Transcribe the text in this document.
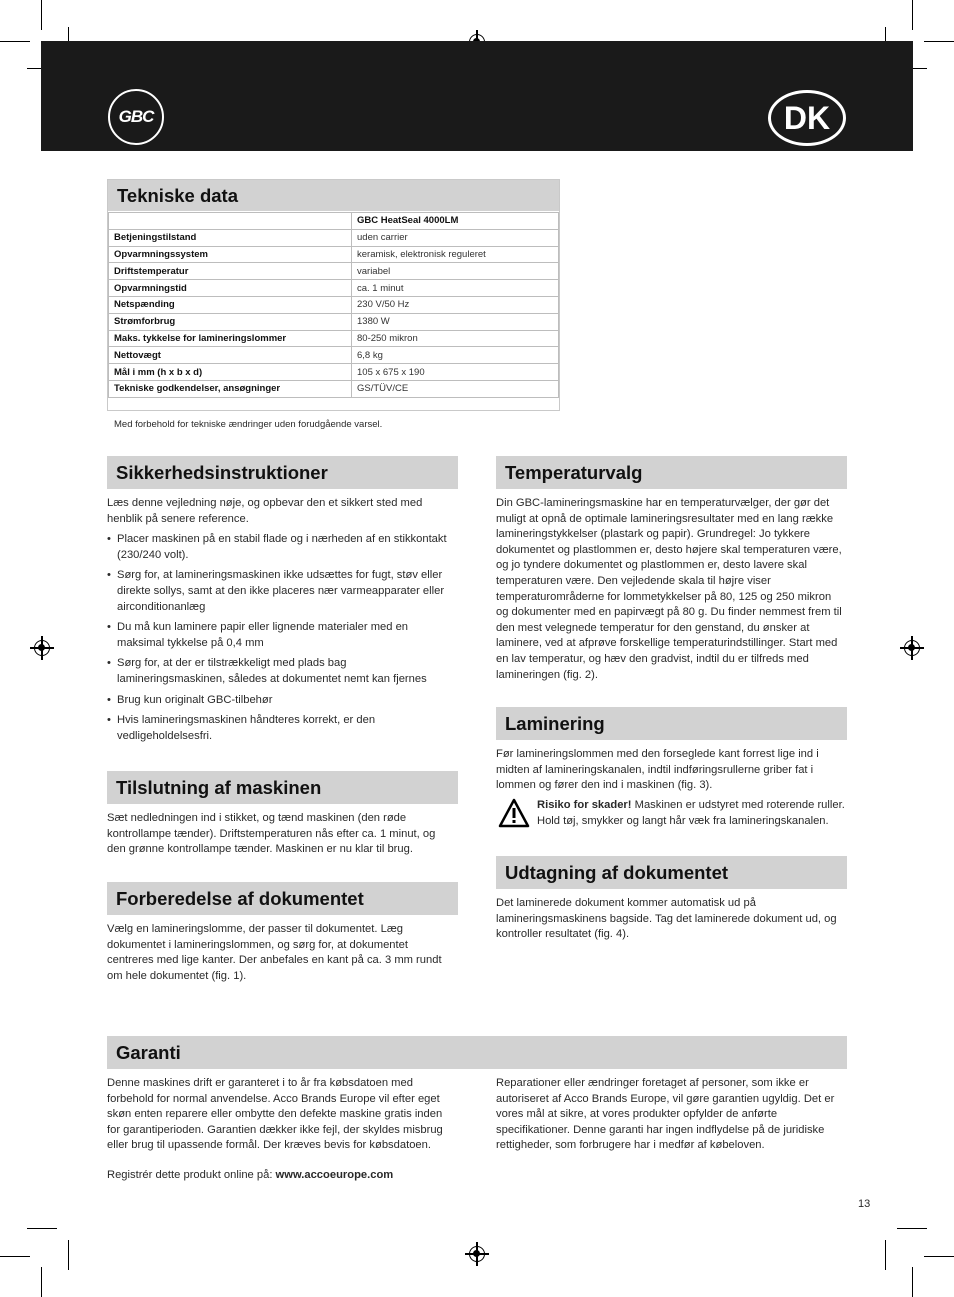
GBC	DK
Tekniske data
	GBC HeatSeal 4000LM
Betjeningstilstand	uden carrier
Opvarmningssystem	keramisk, elektronisk reguleret
Driftstemperatur	variabel
Opvarmningstid	ca. 1 minut
Netspænding	230 V/50 Hz
Strømforbrug	1380 W
Maks. tykkelse for lamineringslommer	80-250 mikron
Nettovægt	6,8 kg
Mål i mm (h x b x d)	105 x 675 x 190
Tekniske godkendelser, ansøgninger	GS/TÜV/CE
Med forbehold for tekniske ændringer uden forudgående varsel.
Sikkerhedsinstruktioner

Læs denne vejledning nøje, og opbevar den et sikkert sted med henblik på senere reference.

• Placer maskinen på en stabil flade og i nærheden af en stikkontakt (230/240 volt).
• Sørg for, at lamineringsmaskinen ikke udsættes for fugt, støv eller direkte sollys, samt at den ikke placeres nær varmeapparater eller airconditionanlæg
• Du må kun laminere papir eller lignende materialer med en maksimal tykkelse på 0,4 mm
• Sørg for, at der er tilstrækkeligt med plads bag lamineringsmaskinen, således at dokumentet nemt kan fjernes
• Brug kun originalt GBC-tilbehør
• Hvis lamineringsmaskinen håndteres korrekt, er den vedligeholdelsesfri.
Tilslutning af maskinen
Sæt nedledningen ind i stikket, og tænd maskinen (den røde kontrollampe tænder). Driftstemperaturen nås efter ca. 1 minut, og den grønne kontrollampe tænder. Maskinen er nu klar til brug.
Forberedelse af dokumentet
Vælg en lamineringslomme, der passer til dokumentet. Læg dokumentet i lamineringslommen, og sørg for, at dokumentet centreres med lige kanter. Der anbefales en kant på ca. 3 mm rundt om hele dokumentet (fig. 1).
Temperaturvalg
Din GBC-lamineringsmaskine har en temperaturvælger, der gør det muligt at opnå de optimale lamineringsresultater med en lang række lamineringstykkelser (plastark og papir). Grundregel: Jo tykkere dokumentet og plastlommen er, desto højere skal temperaturen være, og jo tyndere dokumentet og plastlommen er, desto lavere skal temperaturen være. Den vejledende skala til højre viser temperaturområderne for lommetykkelser på 80, 125 og 250 mikron og dokumenter med en papirvægt på 80 g. Du finder nemmest frem til den mest velegnede temperatur for den genstand, du ønsker at laminere, ved at afprøve forskellige temperaturindstillinger. Start med en lav temperatur, og hæv den gradvist, indtil du er tilfreds med lamineringen (fig. 2).
Laminering
Før lamineringslommen med den forseglede kant forrest lige ind i midten af lamineringskanalen, indtil indføringsrullerne griber fat i lommen og fører den ind i maskinen (fig. 3).
Risiko for skader! Maskinen er udstyret med roterende ruller. Hold tøj, smykker og langt hår væk fra lamineringskanalen.
Udtagning af dokumentet
Det laminerede dokument kommer automatisk ud på lamineringsmaskinens bagside. Tag det laminerede dokument ud, og kontroller resultatet (fig. 4).
Garanti
Denne maskines drift er garanteret i to år fra købsdatoen med forbehold for normal anvendelse. Acco Brands Europe vil efter eget skøn enten reparere eller ombytte den defekte maskine gratis inden for garantiperioden. Garantien dækker ikke fejl, der skyldes misbrug eller brug til upassende formål. Der kræves bevis for købsdatoen.
Reparationer eller ændringer foretaget af personer, som ikke er autoriseret af Acco Brands Europe, vil gøre garantien ugyldig. Det er vores mål at sikre, at vores produkter opfylder de anførte specifikationer. Denne garanti har ingen indflydelse på de juridiske rettigheder, som forbrugere har i medfør af købeloven.
Registrér dette produkt online på: www.accoeurope.com
13
